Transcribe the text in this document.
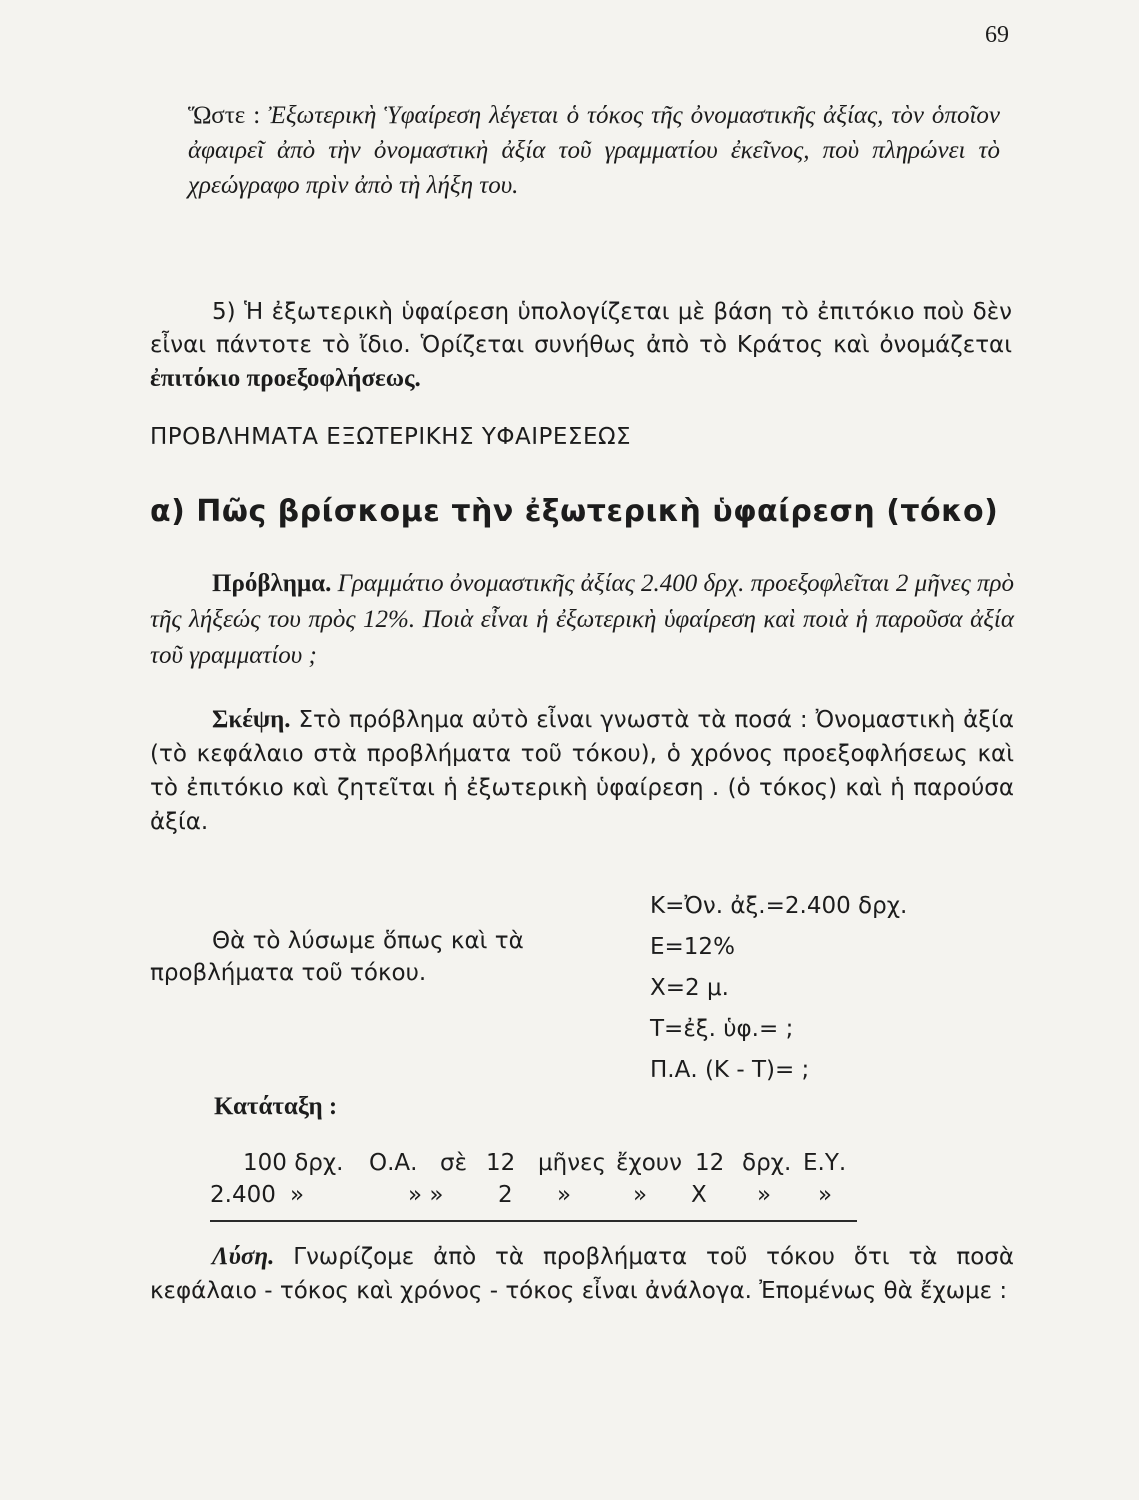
69
Ὥστε : Ἐξωτερικὴ Ὑφαίρεση λέγεται ὁ τόκος τῆς ὀνομαστικῆς ἀξίας, τὸν ὁποῖον ἀφαιρεῖ ἀπὸ τὴν ὀνομαστικὴ ἀξία τοῦ γραμματίου ἐκεῖνος, ποὺ πληρώνει τὸ χρεώγραφο πρὶν ἀπὸ τὴ λήξη του.
5) Ἡ ἐξωτερικὴ ὑφαίρεση ὑπολογίζεται μὲ βάση τὸ ἐπιτόκιο ποὺ δὲν εἶναι πάντοτε τὸ ἴδιο. Ὁρίζεται συνήθως ἀπὸ τὸ Κράτος καὶ ὀνομάζεται ἐπιτόκιο προεξοφλήσεως.
ΠΡΟΒΛΗΜΑΤΑ ΕΞΩΤΕΡΙΚΗΣ ΥΦΑΙΡΕΣΕΩΣ
α) Πῶς βρίσκομε τὴν ἐξωτερικὴ ὑφαίρεση (τόκο)
Πρόβλημα. Γραμμάτιο ὀνομαστικῆς ἀξίας 2.400 δρχ. προεξοφλεῖται 2 μῆνες πρὸ τῆς λήξεώς του πρὸς 12%. Ποιὰ εἶναι ἡ ἐξωτερικὴ ὑφαίρεση καὶ ποιὰ ἡ παροῦσα ἀξία τοῦ γραμματίου ;
Σκέψη. Στὸ πρόβλημα αὐτὸ εἶναι γνωστὰ τὰ ποσά : Ὀνομαστικὴ ἀξία (τὸ κεφάλαιο στὰ προβλήματα τοῦ τόκου), ὁ χρόνος προεξοφλήσεως καὶ τὸ ἐπιτόκιο καὶ ζητεῖται ἡ ἐξωτερικὴ ὑφαίρεση . (ὁ τόκος) καὶ ἡ παρούσα ἀξία.
Θὰ τὸ λύσωμε ὅπως καὶ τὰ προβλήματα τοῦ τόκου.
Κ=Ὀν. ἀξ.=2.400 δρχ.
Ε=12%
Χ=2 μ.
Τ=ἐξ. ὑφ.= ;
Π.Α. (Κ - Τ)= ;
Κατάταξη :
100 δρχ. Ο.Α. σὲ 12 μῆνες ἔχουν 12 δρχ. Ε.Υ.
2.400 »	» » 2 »	» Χ » »
Λύση. Γνωρίζομε ἀπὸ τὰ προβλήματα τοῦ τόκου ὅτι τὰ ποσὰ κεφάλαιο - τόκος καὶ χρόνος - τόκος εἶναι ἀνάλογα. Ἐπομένως θὰ ἔχωμε :
